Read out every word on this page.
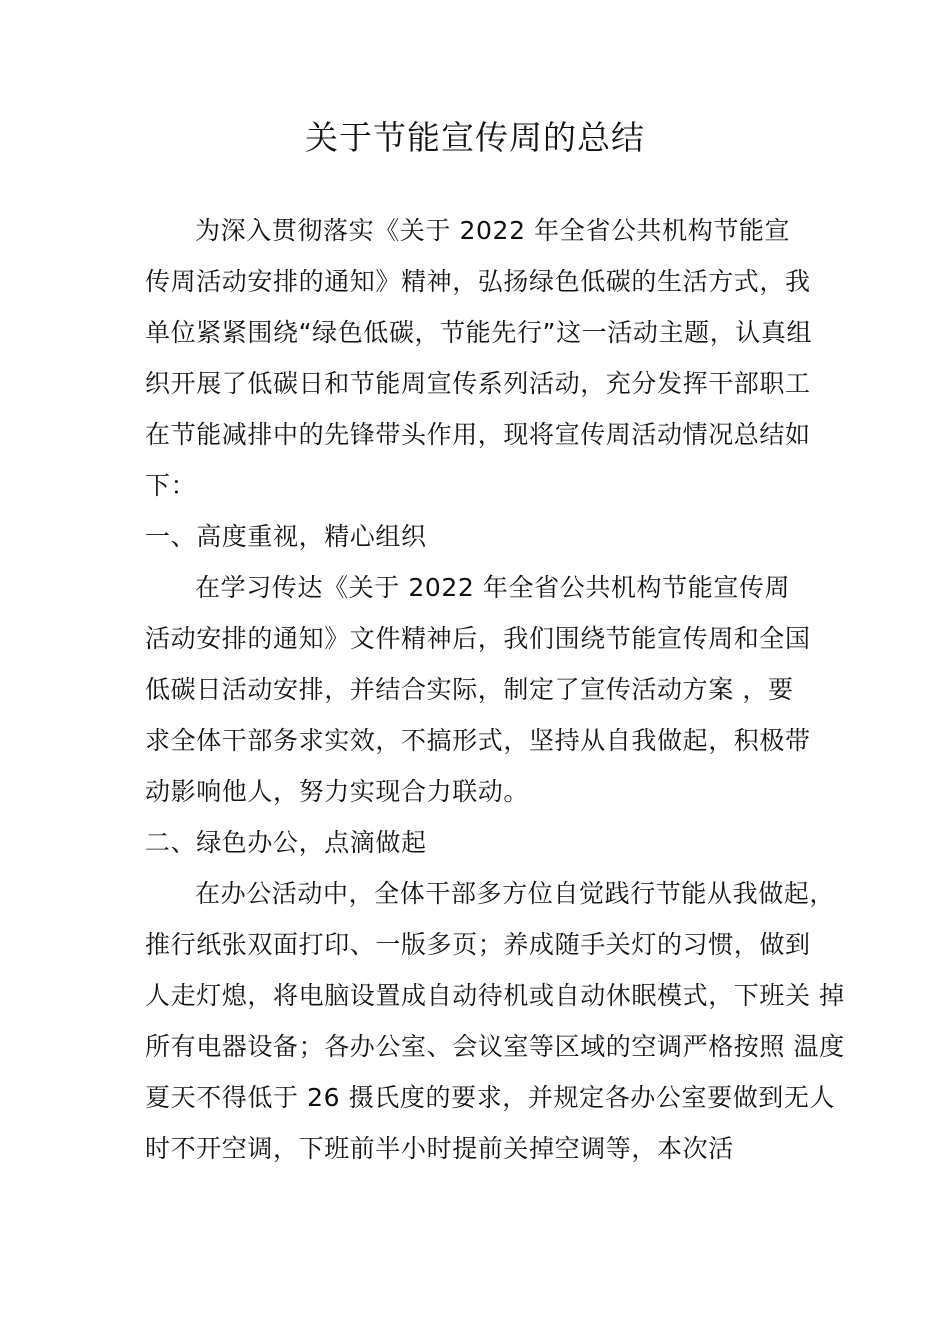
关于节能宣传周的总结
为深入贯彻落实《关于 2022 年全省公共机构节能宣
传周活动安排的通知》精神，弘扬绿色低碳的生活方式，我
单位紧紧围绕“绿色低碳，节能先行”这一活动主题，认真组
织开展了低碳日和节能周宣传系列活动，充分发挥干部职工
在节能减排中的先锋带头作用，现将宣传周活动情况总结如
下：
一、高度重视，精心组织
在学习传达《关于 2022 年全省公共机构节能宣传周
活动安排的通知》文件精神后，我们围绕节能宣传周和全国
低碳日活动安排，并结合实际，制定了宣传活动方案 ，要
求全体干部务求实效，不搞形式，坚持从自我做起，积极带
动影响他人，努力实现合力联动。
二、绿色办公，点滴做起
在办公活动中，全体干部多方位自觉践行节能从我做起，
推行纸张双面打印、一版多页；养成随手关灯的习惯，做到
人走灯熄，将电脑设置成自动待机或自动休眠模式，下班关 掉
所有电器设备；各办公室、会议室等区域的空调严格按照 温度
夏天不得低于 26 摄氏度的要求，并规定各办公室要做到无人
时不开空调，下班前半小时提前关掉空调等，本次活
